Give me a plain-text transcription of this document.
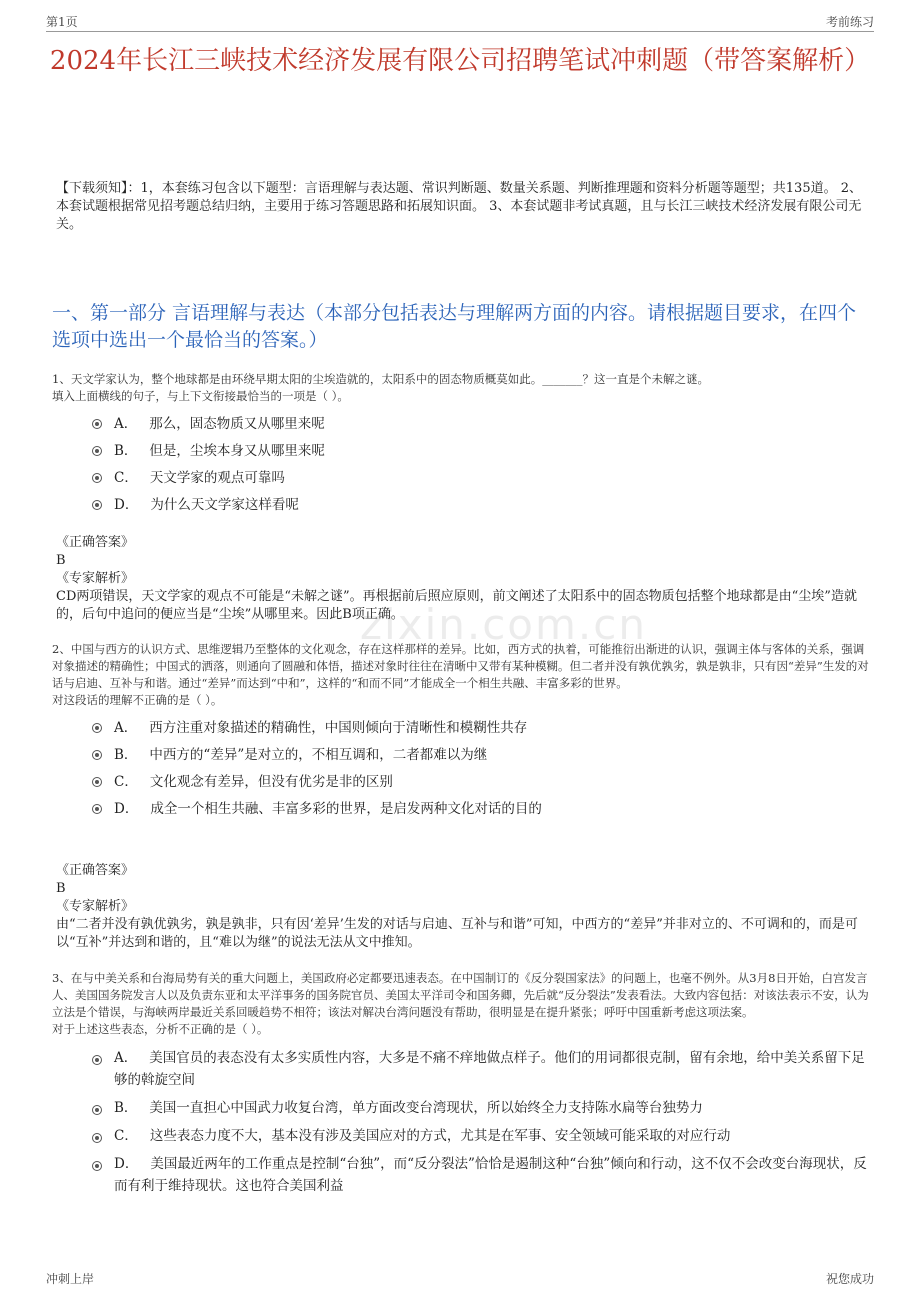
第1页	考前练习
2024年长江三峡技术经济发展有限公司招聘笔试冲刺题（带答案解析）
【下载须知】：1，本套练习包含以下题型：言语理解与表达题、常识判断题、数量关系题、判断推理题和资料分析题等题型；共135道。 2、本套试题根据常见招考题总结归纳，主要用于练习答题思路和拓展知识面。 3、本套试题非考试真题，且与长江三峡技术经济发展有限公司无关。
一、第一部分 言语理解与表达（本部分包括表达与理解两方面的内容。请根据题目要求，在四个选项中选出一个最恰当的答案。）
zixin.com.cn

1、天文学家认为，整个地球都是由环绕早期太阳的尘埃造就的，太阳系中的固态物质概莫如此。_______？这一直是个未解之谜。

填入上面横线的句子，与上下文衔接最恰当的一项是（ ）。

A． 那么，固态物质又从哪里来呢
B． 但是，尘埃本身又从哪里来呢
C． 天文学家的观点可靠吗
D． 为什么天文学家这样看呢
《正确答案》
B
《专家解析》
CD两项错误，天文学家的观点不可能是“未解之谜”。再根据前后照应原则，前文阐述了太阳系中的固态物质包括整个地球都是由“尘埃”造就的，后句中追问的便应当是“尘埃”从哪里来。因此B项正确。

2、中国与西方的认识方式、思维逻辑乃至整体的文化观念，存在这样那样的差异。比如，西方式的执着，可能推衍出渐进的认识，强调主体与客体的关系，强调对象描述的精确性；中国式的洒落，则通向了圆融和体悟，描述对象时往往在清晰中又带有某种模糊。但二者并没有孰优孰劣，孰是孰非，只有因“差异”生发的对话与启迪、互补与和谐。通过“差异”而达到“中和”，这样的“和而不同”才能成全一个相生共融、丰富多彩的世界。

对这段话的理解不正确的是（ ）。

A． 西方注重对象描述的精确性，中国则倾向于清晰性和模糊性共存
B． 中西方的“差异”是对立的，不相互调和，二者都难以为继
C． 文化观念有差异，但没有优劣是非的区别
D． 成全一个相生共融、丰富多彩的世界，是启发两种文化对话的目的
《正确答案》
B
《专家解析》
由“二者并没有孰优孰劣，孰是孰非，只有因‘差异’生发的对话与启迪、互补与和谐”可知，中西方的“差异”并非对立的、不可调和的，而是可以“互补”并达到和谐的，且“难以为继”的说法无法从文中推知。

3、在与中美关系和台海局势有关的重大问题上，美国政府必定都要迅速表态。在中国制订的《反分裂国家法》的问题上，也毫不例外。从3月8日开始，白宫发言人、美国国务院发言人以及负责东亚和太平洋事务的国务院官员、美国太平洋司令和国务卿，先后就“反分裂法”发表看法。大致内容包括：对该法表示不安，认为立法是个错误，与海峡两岸最近关系回暖趋势不相符；该法对解决台湾问题没有帮助，很明显是在提升紧张；呼吁中国重新考虑这项法案。

对于上述这些表态，分析不正确的是（ ）。

A． 美国官员的表态没有太多实质性内容，大多是不痛不痒地做点样子。他们的用词都很克制，留有余地，给中美关系留下足够的斡旋空间
B． 美国一直担心中国武力收复台湾，单方面改变台湾现状，所以始终全力支持陈水扁等台独势力
C． 这些表态力度不大，基本没有涉及美国应对的方式，尤其是在军事、安全领域可能采取的对应行动
D． 美国最近两年的工作重点是控制“台独”，而“反分裂法”恰恰是遏制这种“台独”倾向和行动，这不仅不会改变台海现状，反而有利于维持现状。这也符合美国利益
冲刺上岸	祝您成功
